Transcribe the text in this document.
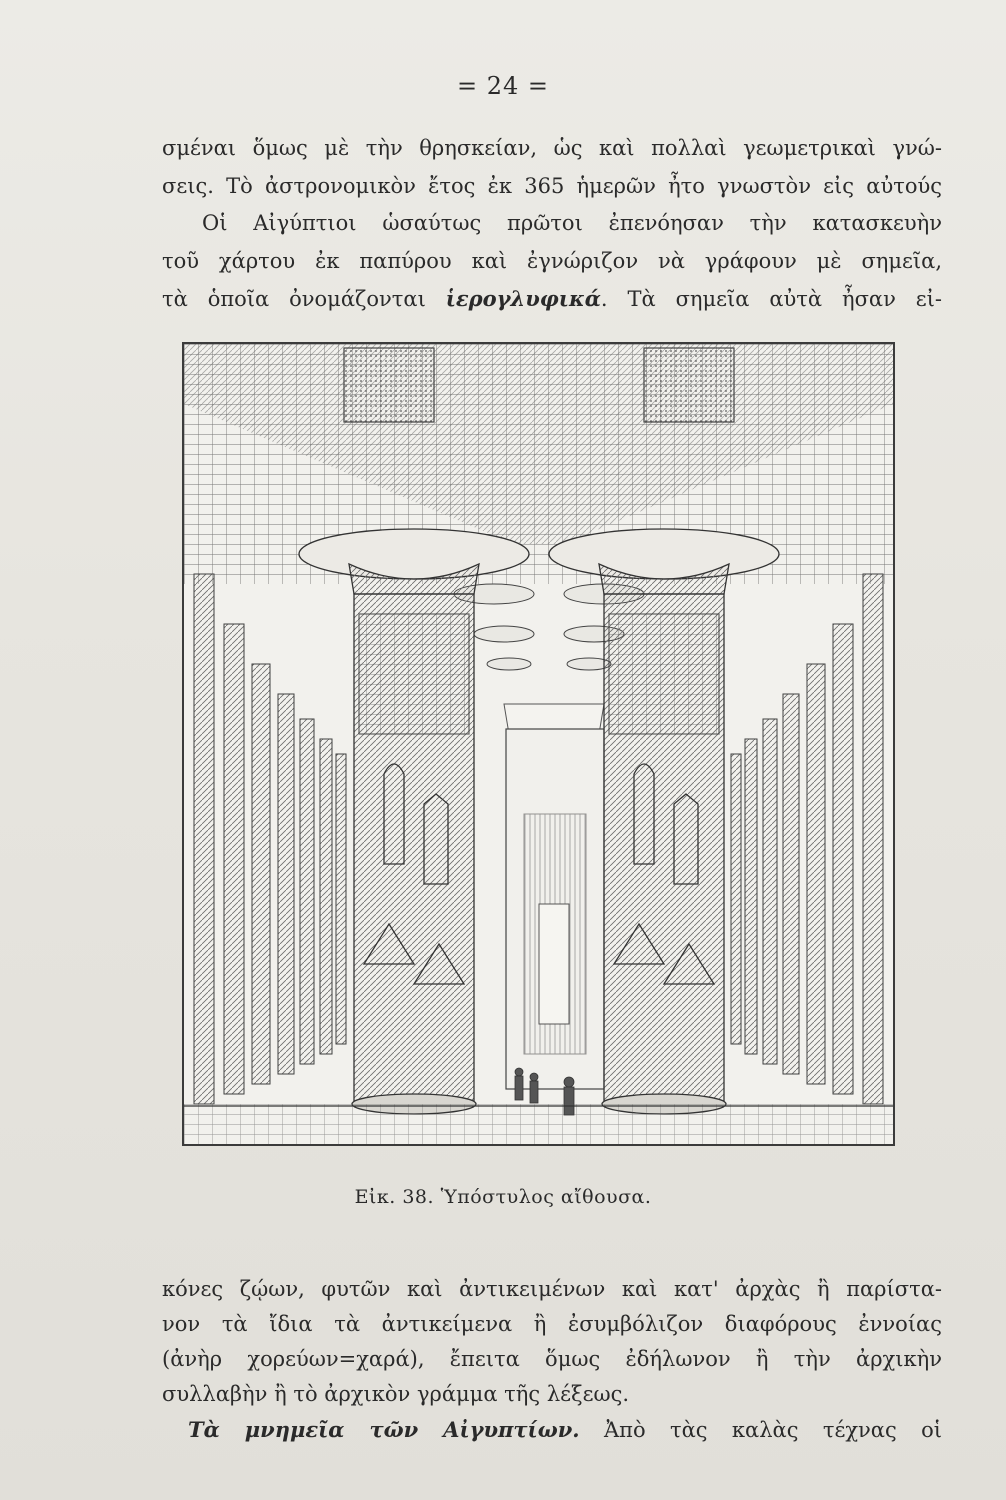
= 24 =
σμέναι ὅμως μὲ τὴν θρησκείαν, ὡς καὶ πολλαὶ γεωμετρικαὶ γνώ-
σεις. Τὸ ἀστρονομικὸν ἔτος ἐκ 365 ἡμερῶν ἦτο γνωστὸν εἰς αὐτούς
Οἱ Αἰγύπτιοι ὡσαύτως πρῶτοι ἐπενόησαν τὴν κατασκευὴν
τοῦ χάρτου ἐκ παπύρου καὶ ἐγνώριζον νὰ γράφουν μὲ σημεῖα,
τὰ ὁποῖα ὀνομάζονται ἱερογλυφικά. Τὰ σημεῖα αὐτὰ ἦσαν εἰ-
Εἰκ. 38. Ὑπόστυλος αἴθουσα.
κόνες ζῴων, φυτῶν καὶ ἀντικειμένων καὶ κατ' ἀρχὰς ἢ παρίστα-
νον τὰ ἴδια τὰ ἀντικείμενα ἢ ἐσυμβόλιζον διαφόρους ἐννοίας
(ἀνὴρ χορεύων=χαρά), ἔπειτα ὅμως ἐδήλωνον ἢ τὴν ἀρχικὴν
συλλαβὴν ἢ τὸ ἀρχικὸν γράμμα τῆς λέξεως.
Τὰ μνημεῖα τῶν Αἰγυπτίων. Ἀπὸ τὰς καλὰς τέχνας οἱ
